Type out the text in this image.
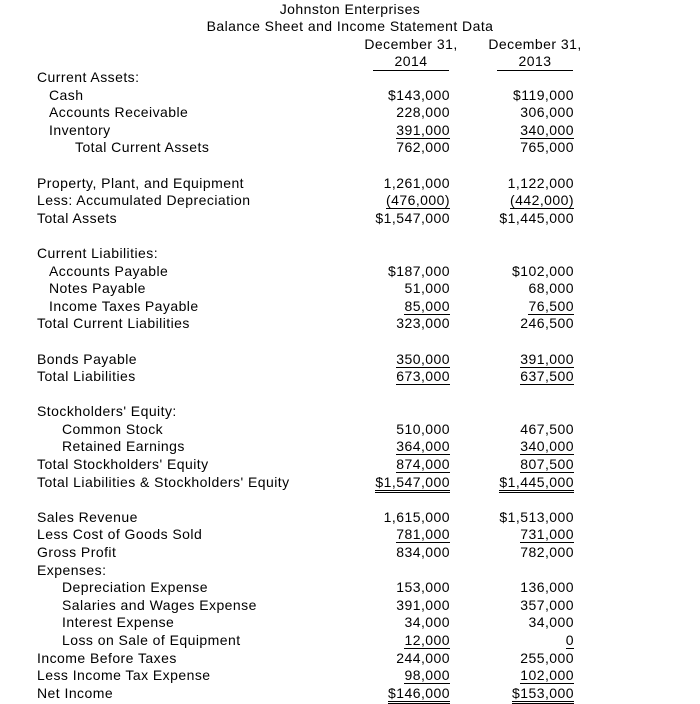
Johnston Enterprises
Balance Sheet and Income Statement Data
December 31,	December 31,
2014	2013
Current Assets:
Cash	$143,000	$119,000
Accounts Receivable	228,000	306,000
Inventory	391,000	340,000
Total Current Assets	762,000	765,000
Property, Plant, and Equipment	1,261,000	1,122,000
Less: Accumulated Depreciation	(476,000)	(442,000)
Total Assets	$1,547,000	$1,445,000
Current Liabilities:
Accounts Payable	$187,000	$102,000
Notes Payable	51,000	68,000
Income Taxes Payable	85,000	76,500
Total Current Liabilities	323,000	246,500
Bonds Payable	350,000	391,000
Total Liabilities	673,000	637,500
Stockholders' Equity:
Common Stock	510,000	467,500
Retained Earnings	364,000	340,000
Total Stockholders' Equity	874,000	807,500
Total Liabilities & Stockholders' Equity	$1,547,000	$1,445,000
Sales Revenue	1,615,000	$1,513,000
Less Cost of Goods Sold	781,000	731,000
Gross Profit	834,000	782,000
Expenses:
Depreciation Expense	153,000	136,000
Salaries and Wages Expense	391,000	357,000
Interest Expense	34,000	34,000
Loss on Sale of Equipment	12,000	0
Income Before Taxes	244,000	255,000
Less Income Tax Expense	98,000	102,000
Net Income	$146,000	$153,000
